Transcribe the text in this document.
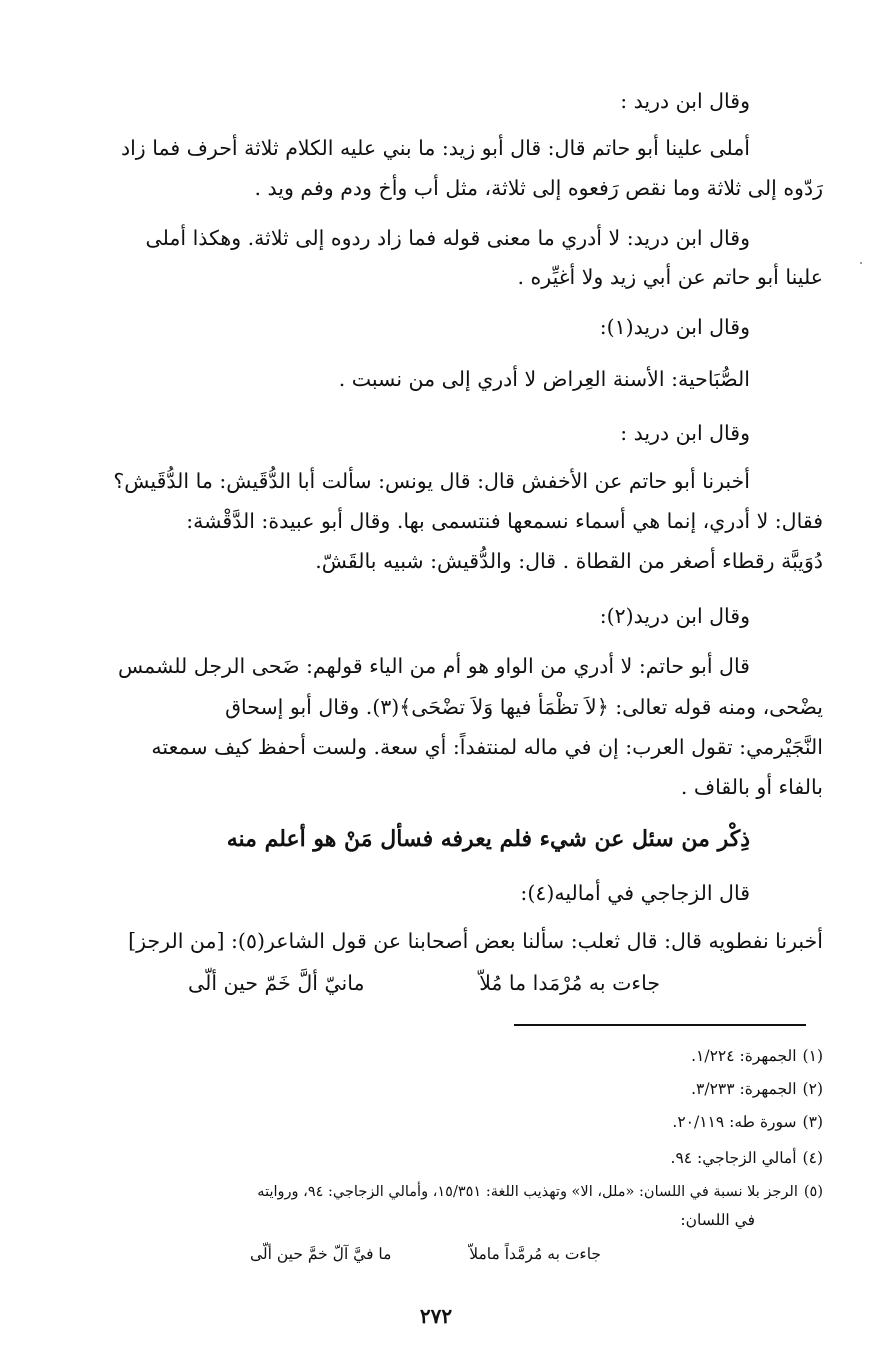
وقال ابن دريد :
أملى علينا أبو حاتم قال: قال أبو زيد: ما بني عليه الكلام ثلاثة أحرف فما زاد
رَدّوه إلى ثلاثة وما نقص رَفعوه إلى ثلاثة، مثل أب وأخ ودم وفم ويد .
وقال ابن دريد: لا أدري ما معنى قوله فما زاد ردوه إلى ثلاثة. وهكذا أملى
علينا أبو حاتم عن أبي زيد ولا أغيِّره .
وقال ابن دريد(١):
الصُّبَاحية: الأسنة العِراض لا أدري إلى من نسبت .
وقال ابن دريد :
أخبرنا أبو حاتم عن الأخفش قال: قال يونس: سألت أبا الدُّقَيش: ما الدُّقَيش؟
فقال: لا أدري، إنما هي أسماء نسمعها فنتسمى بها. وقال أبو عبيدة: الدَّقْشة:
دُوَيبَّة رقطاء أصغر من القطاة . قال: والدُّقيش: شبيه بالقَشّ.
وقال ابن دريد(٢):
قال أبو حاتم: لا أدري من الواو هو أم من الياء قولهم: ضَحى الرجل للشمس
يضْحى، ومنه قوله تعالى: ﴿لاَ تظْمَأُ فيها وَلاَ تضْحَى﴾(٣). وقال أبو إسحاق
النَّجَيْرمي: تقول العرب: إن في ماله لمنتفداً: أي سعة. ولست أحفظ كيف سمعته
بالفاء أو بالقاف .
ذِكْر من سئل عن شيء فلم يعرفه فسأل مَنْ هو أعلم منه
قال الزجاجي في أماليه(٤):
أخبرنا نفطويه قال: قال ثعلب: سألنا بعض أصحابنا عن قول الشاعر(٥): [من الرجز]
جاءت به مُرْمَدا ما مُلاّ
مانيّ ألَّ خَمّ حين ألّى
(١)الجمهرة: ١/٢٢٤.
(٢)الجمهرة: ٣/٢٣٣.
(٣)سورة طه: ٢٠/١١٩.
(٤)أمالي الزجاجي: ٩٤.
(٥)الرجز بلا نسبة في اللسان: «ملل، الا» وتهذيب اللغة: ١٥/٣٥١، وأمالي الزجاجي: ٩٤، وروايته
في اللسان:
جاءت به مُرمَّداً ماملاّ
ما فيَّ آلّ خمَّ حين ألّى
٢٧٢
